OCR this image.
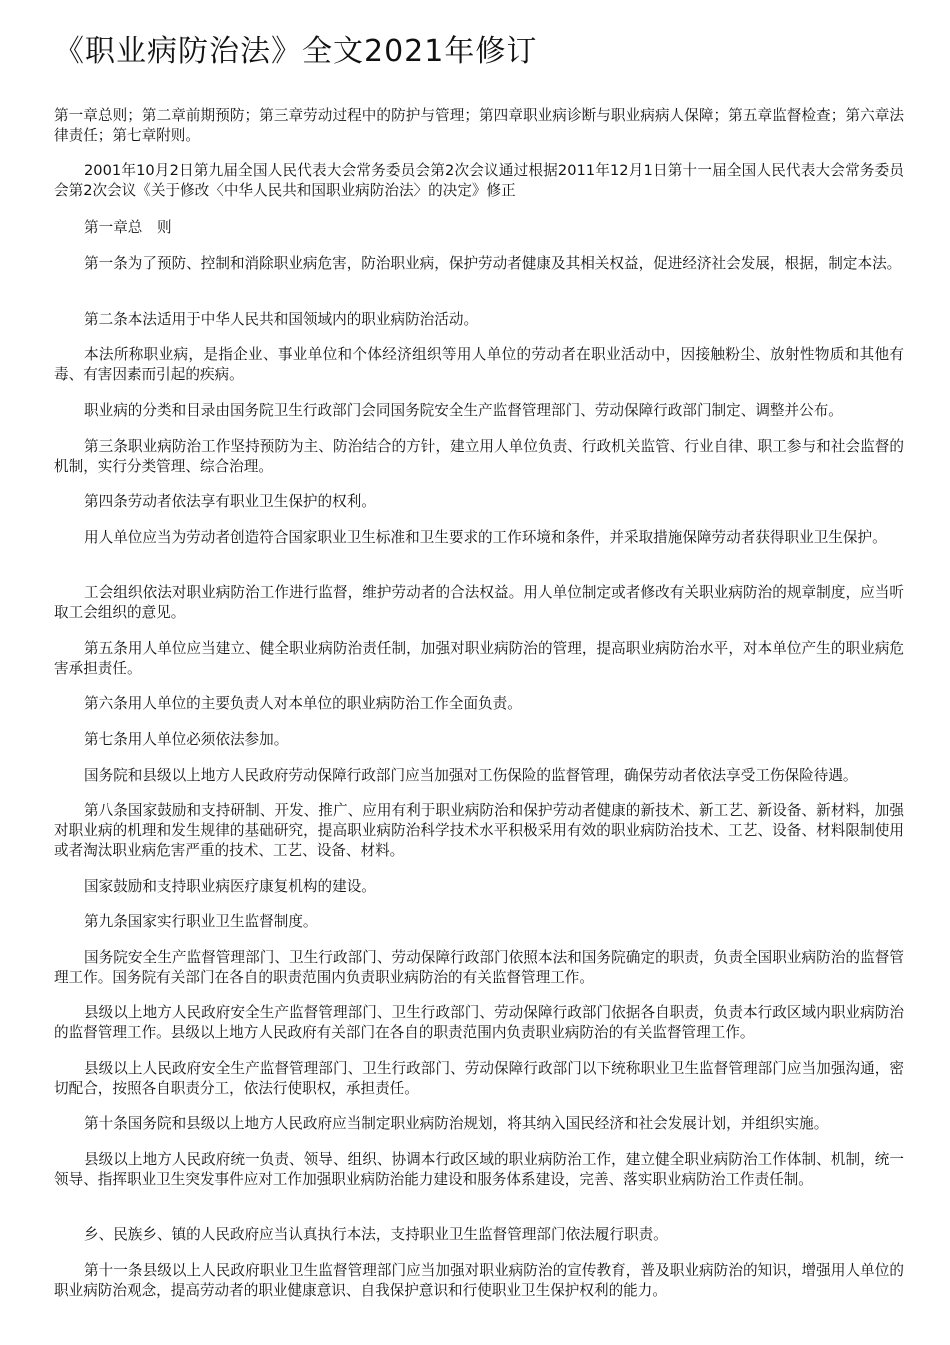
《职业病防治法》全文2021年修订

第一章总则；第二章前期预防；第三章劳动过程中的防护与管理；第四章职业病诊断与职业病病人保障；第五章监督检查；第六章法律责任；第七章附则。

2001年10月2日第九届全国人民代表大会常务委员会第2次会议通过根据2011年12月1日第十一届全国人民代表大会常务委员会第2次会议《关于修改〈中华人民共和国职业病防治法〉的决定》修正

第一章总　则

第一条为了预防、控制和消除职业病危害，防治职业病，保护劳动者健康及其相关权益，促进经济社会发展，根据，制定本法。

第二条本法适用于中华人民共和国领域内的职业病防治活动。

本法所称职业病，是指企业、事业单位和个体经济组织等用人单位的劳动者在职业活动中，因接触粉尘、放射性物质和其他有毒、有害因素而引起的疾病。

职业病的分类和目录由国务院卫生行政部门会同国务院安全生产监督管理部门、劳动保障行政部门制定、调整并公布。

第三条职业病防治工作坚持预防为主、防治结合的方针，建立用人单位负责、行政机关监管、行业自律、职工参与和社会监督的机制，实行分类管理、综合治理。

第四条劳动者依法享有职业卫生保护的权利。

用人单位应当为劳动者创造符合国家职业卫生标准和卫生要求的工作环境和条件，并采取措施保障劳动者获得职业卫生保护。

工会组织依法对职业病防治工作进行监督，维护劳动者的合法权益。用人单位制定或者修改有关职业病防治的规章制度，应当听取工会组织的意见。

第五条用人单位应当建立、健全职业病防治责任制，加强对职业病防治的管理，提高职业病防治水平，对本单位产生的职业病危害承担责任。

第六条用人单位的主要负责人对本单位的职业病防治工作全面负责。

第七条用人单位必须依法参加。

国务院和县级以上地方人民政府劳动保障行政部门应当加强对工伤保险的监督管理，确保劳动者依法享受工伤保险待遇。

第八条国家鼓励和支持研制、开发、推广、应用有利于职业病防治和保护劳动者健康的新技术、新工艺、新设备、新材料，加强对职业病的机理和发生规律的基础研究，提高职业病防治科学技术水平积极采用有效的职业病防治技术、工艺、设备、材料限制使用或者淘汰职业病危害严重的技术、工艺、设备、材料。

国家鼓励和支持职业病医疗康复机构的建设。

第九条国家实行职业卫生监督制度。

国务院安全生产监督管理部门、卫生行政部门、劳动保障行政部门依照本法和国务院确定的职责，负责全国职业病防治的监督管理工作。国务院有关部门在各自的职责范围内负责职业病防治的有关监督管理工作。

县级以上地方人民政府安全生产监督管理部门、卫生行政部门、劳动保障行政部门依据各自职责，负责本行政区域内职业病防治的监督管理工作。县级以上地方人民政府有关部门在各自的职责范围内负责职业病防治的有关监督管理工作。

县级以上人民政府安全生产监督管理部门、卫生行政部门、劳动保障行政部门以下统称职业卫生监督管理部门应当加强沟通，密切配合，按照各自职责分工，依法行使职权，承担责任。

第十条国务院和县级以上地方人民政府应当制定职业病防治规划，将其纳入国民经济和社会发展计划，并组织实施。

县级以上地方人民政府统一负责、领导、组织、协调本行政区域的职业病防治工作，建立健全职业病防治工作体制、机制，统一领导、指挥职业卫生突发事件应对工作加强职业病防治能力建设和服务体系建设，完善、落实职业病防治工作责任制。

乡、民族乡、镇的人民政府应当认真执行本法，支持职业卫生监督管理部门依法履行职责。

第十一条县级以上人民政府职业卫生监督管理部门应当加强对职业病防治的宣传教育，普及职业病防治的知识，增强用人单位的职业病防治观念，提高劳动者的职业健康意识、自我保护意识和行使职业卫生保护权利的能力。
